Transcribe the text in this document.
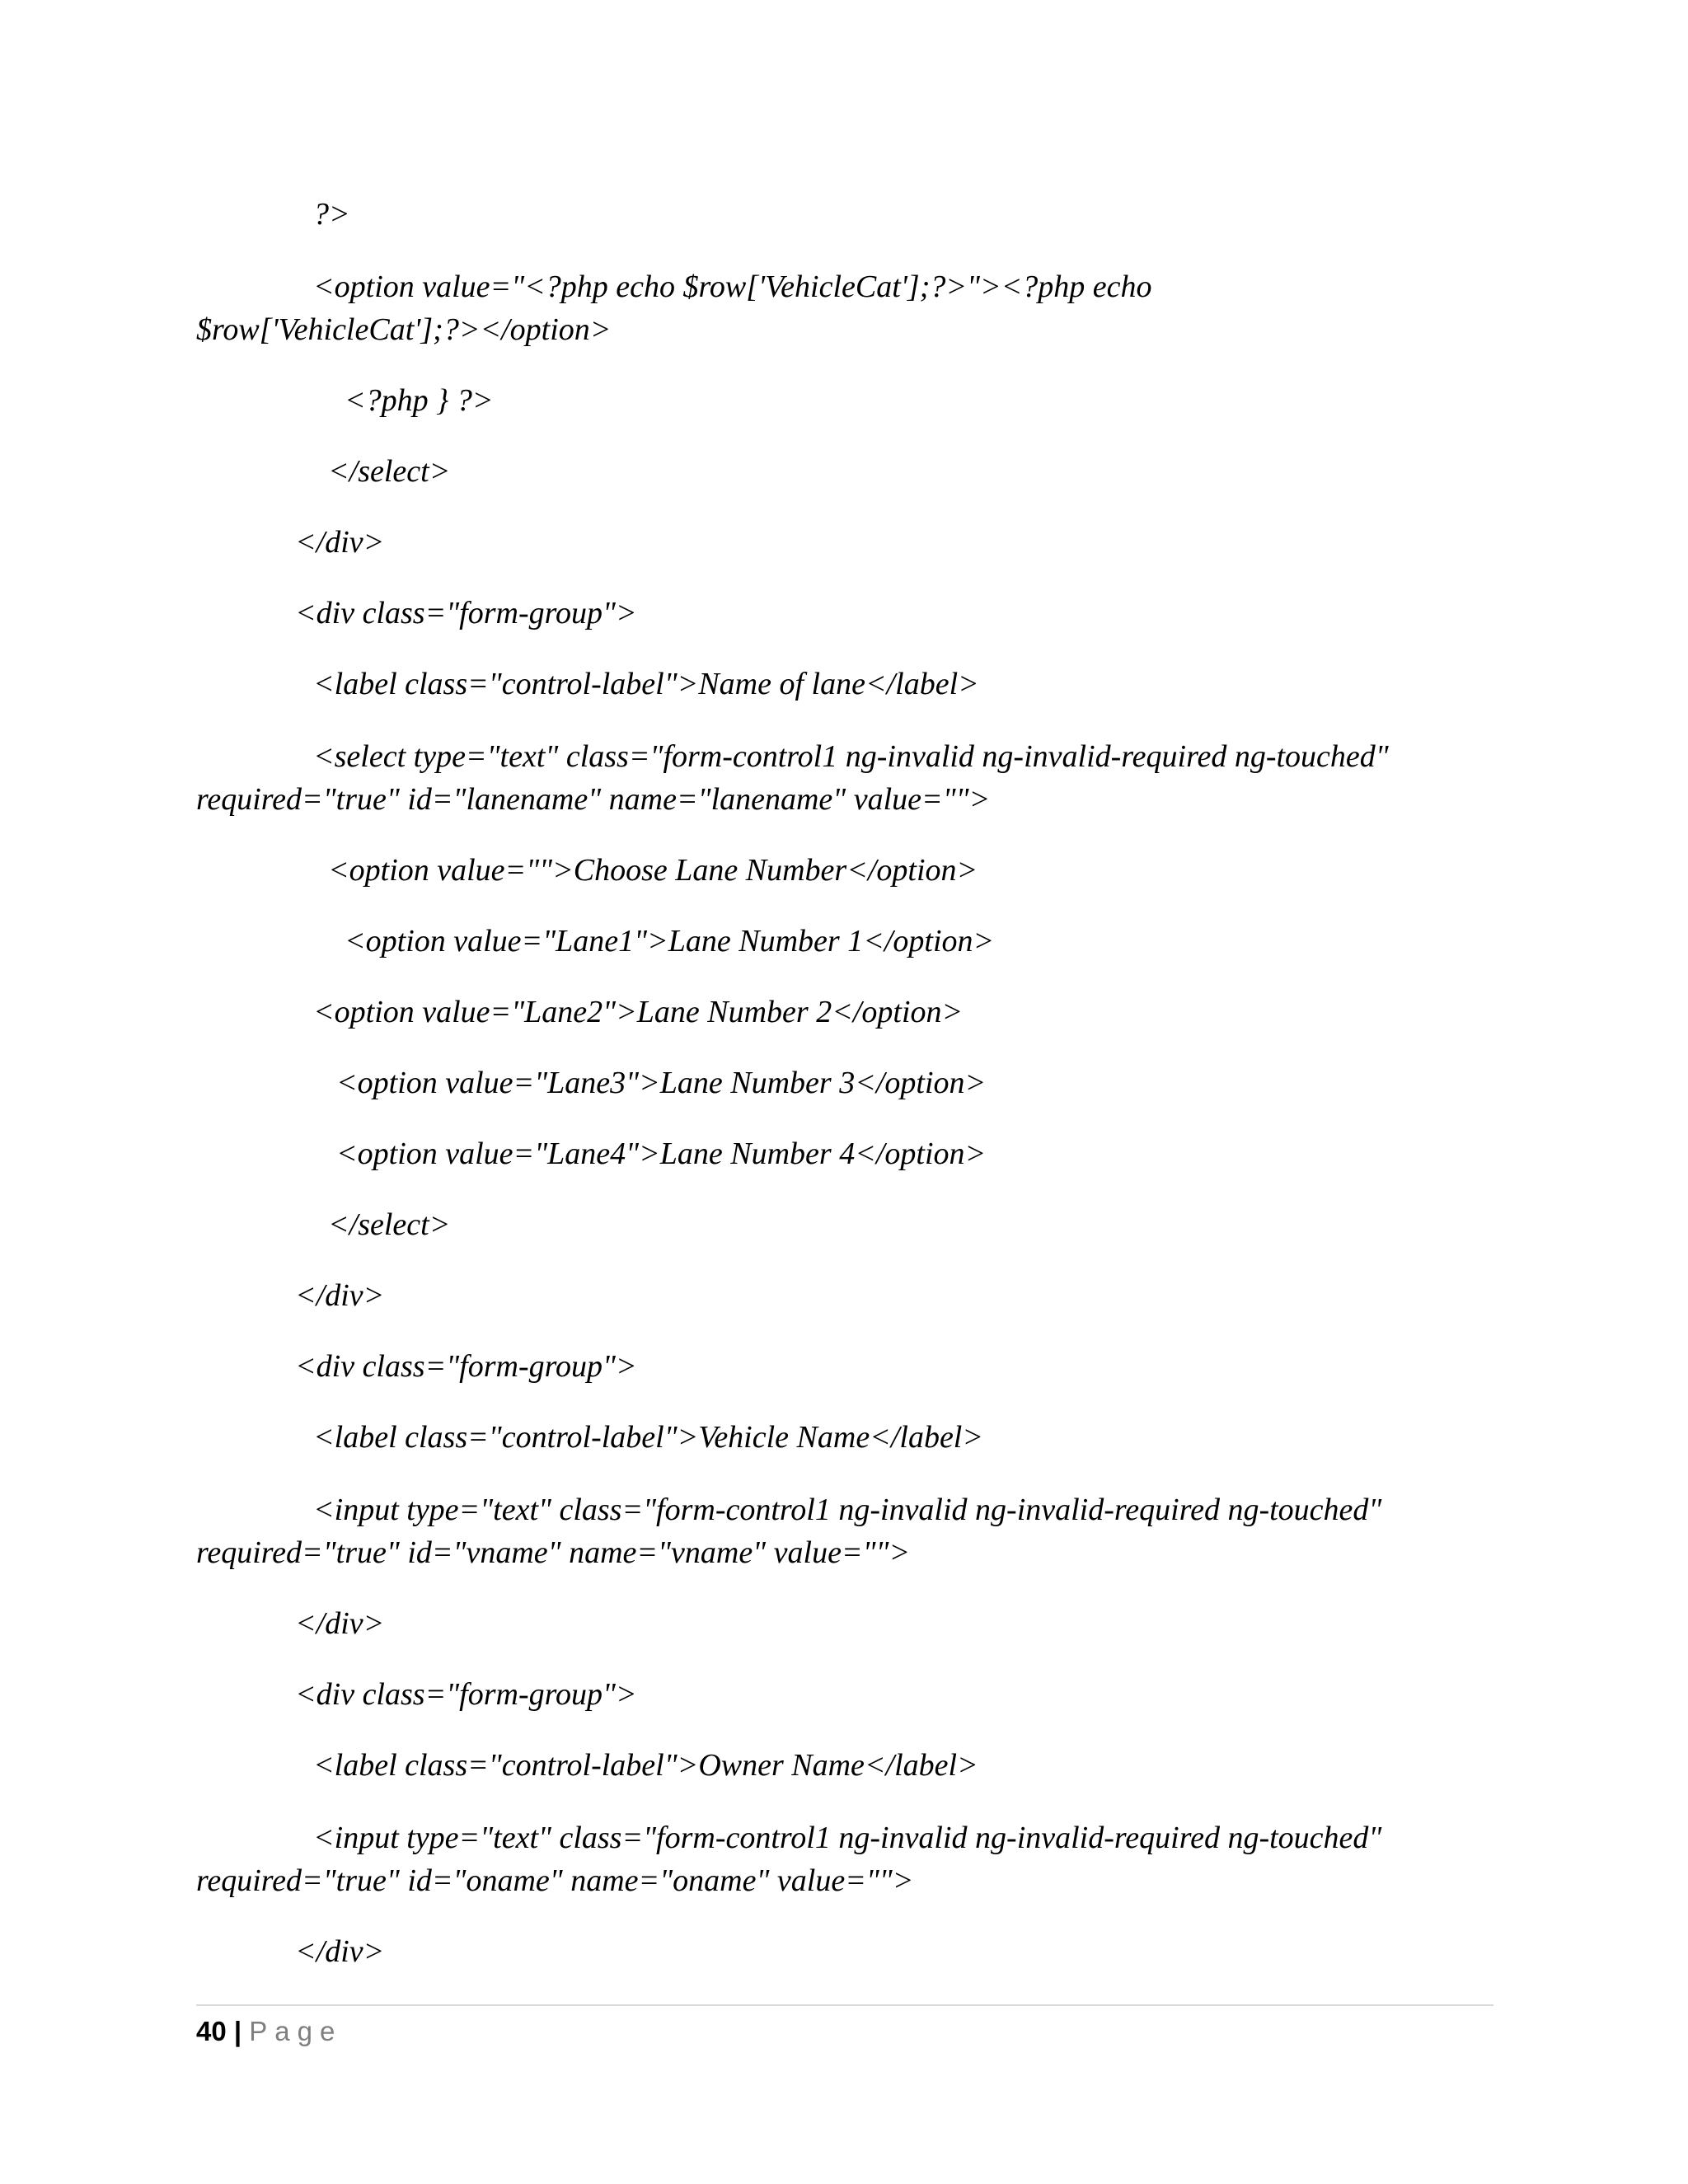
?>

<option value="<?php echo $row['VehicleCat'];?>"><?php echo

$row['VehicleCat'];?></option>

<?php } ?>

</select>

</div>

<div class="form-group">

<label class="control-label">Name of lane</label>

<select type="text" class="form-control1 ng-invalid ng-invalid-required ng-touched"

required="true" id="lanename" name="lanename" value="">

<option value="">Choose Lane Number</option>

<option value="Lane1">Lane Number 1</option>

<option value="Lane2">Lane Number 2</option>

<option value="Lane3">Lane Number 3</option>

<option value="Lane4">Lane Number 4</option>

</select>

</div>

<div class="form-group">

<label class="control-label">Vehicle Name</label>

<input type="text" class="form-control1 ng-invalid ng-invalid-required ng-touched"

required="true" id="vname" name="vname" value="">

</div>

<div class="form-group">

<label class="control-label">Owner Name</label>

<input type="text" class="form-control1 ng-invalid ng-invalid-required ng-touched"

required="true" id="oname" name="oname" value="">

</div>

40 | Page
